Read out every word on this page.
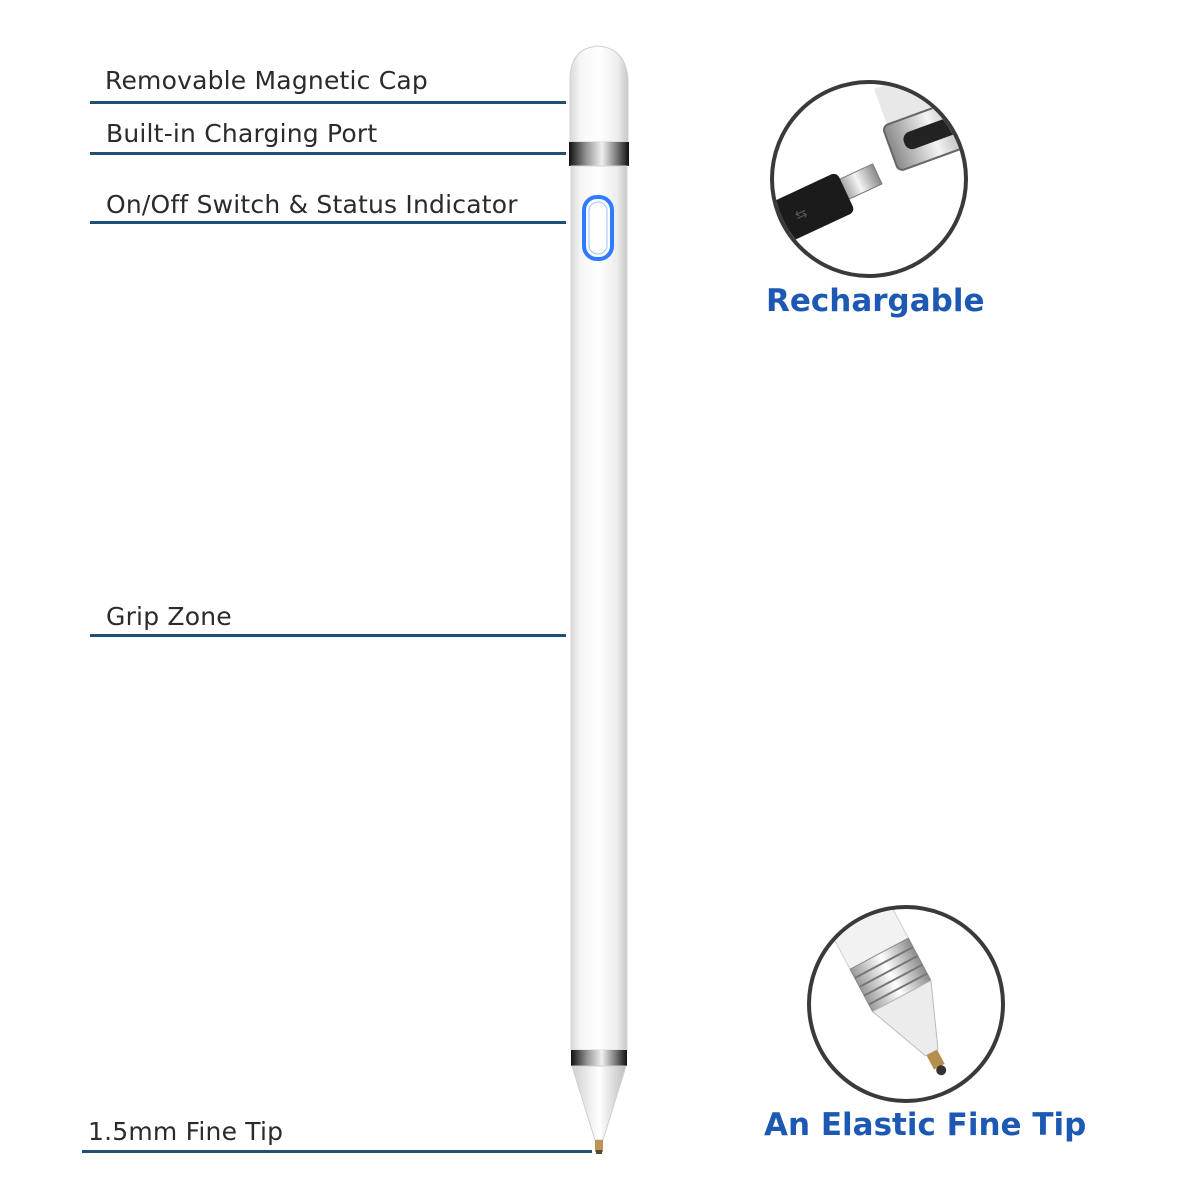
Removable Magnetic Cap
Built-in Charging Port
On/Off Switch & Status Indicator
Grip Zone
1.5mm Fine Tip
⇆
Rechargable
An Elastic Fine Tip
